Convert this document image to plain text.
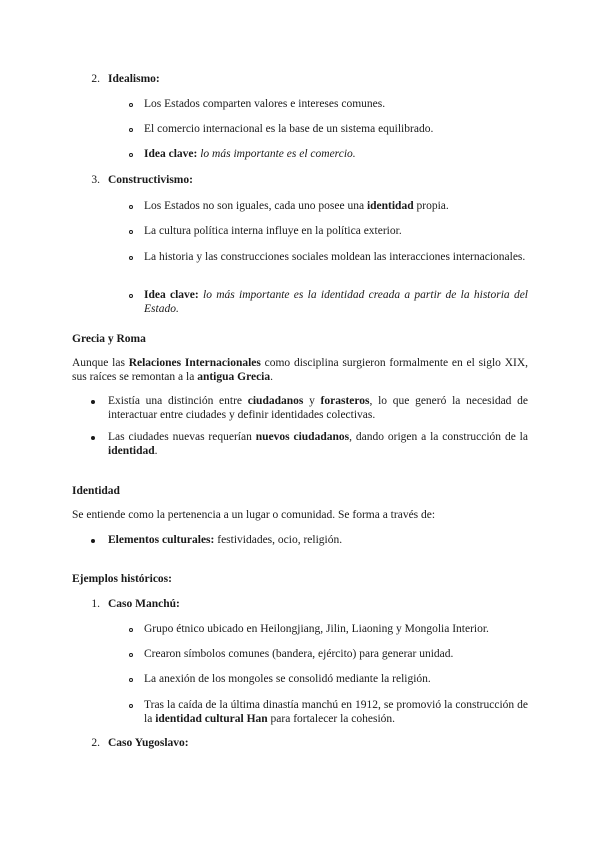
2. Idealismo:
Los Estados comparten valores e intereses comunes.
El comercio internacional es la base de un sistema equilibrado.
Idea clave: lo más importante es el comercio.
3. Constructivismo:
Los Estados no son iguales, cada uno posee una identidad propia.
La cultura política interna influye en la política exterior.
La historia y las construcciones sociales moldean las interacciones internacionales.
Idea clave: lo más importante es la identidad creada a partir de la historia del Estado.
Grecia y Roma
Aunque las Relaciones Internacionales como disciplina surgieron formalmente en el siglo XIX, sus raíces se remontan a la antigua Grecia.
Existía una distinción entre ciudadanos y forasteros, lo que generó la necesidad de interactuar entre ciudades y definir identidades colectivas.
Las ciudades nuevas requerían nuevos ciudadanos, dando origen a la construcción de la identidad.
Identidad
Se entiende como la pertenencia a un lugar o comunidad. Se forma a través de:
Elementos culturales: festividades, ocio, religión.
Ejemplos históricos:
1. Caso Manchú:
Grupo étnico ubicado en Heilongjiang, Jilin, Liaoning y Mongolia Interior.
Crearon símbolos comunes (bandera, ejército) para generar unidad.
La anexión de los mongoles se consolidó mediante la religión.
Tras la caída de la última dinastía manchú en 1912, se promovió la construcción de la identidad cultural Han para fortalecer la cohesión.
2. Caso Yugoslavo:
